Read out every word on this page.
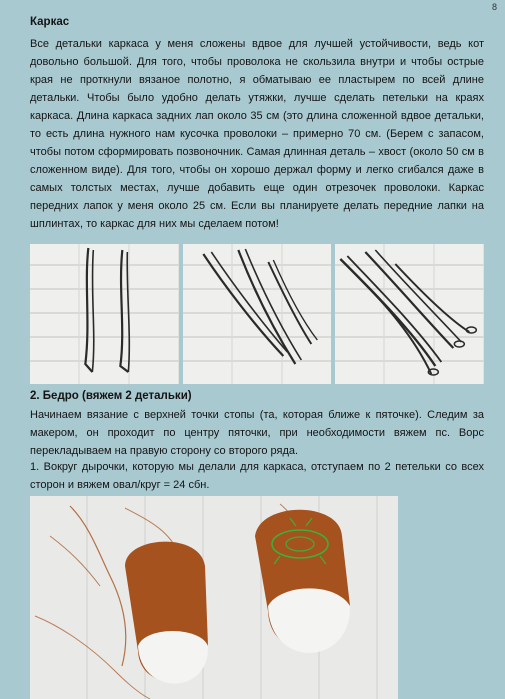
8
Каркас

Все детальки каркаса у меня сложены вдвое для лучшей устойчивости, ведь кот довольно большой. Для того, чтобы проволока не скользила внутри и чтобы острые края не проткнули вязаное полотно, я обматываю ее пластырем по всей длине детальки. Чтобы было удобно делать утяжки, лучше сделать петельки на краях каркаса. Длина каркаса задних лап около 35 см (это длина сложенной вдвое детальки, то есть длина нужного нам кусочка проволоки – примерно 70 см. (Берем с запасом, чтобы потом сформировать позвоночник. Самая длинная деталь – хвост (около 50 см в сложенном виде). Для того, чтобы он хорошо держал форму и легко сгибался даже в самых толстых местах, лучше добавить еще один отрезочек проволоки. Каркас передних лапок у меня около 25 см. Если вы планируете делать передние лапки на шплинтах, то каркас для них мы сделаем потом!

2. Бедро (вяжем 2 детальки)

Начинаем вязание с верхней точки стопы (та, которая ближе к пяточке). Следим за макером, он проходит по центру пяточки, при необходимости вяжем пс. Ворс перекладываем на правую сторону со второго ряда.

1. Вокруг дырочки, которую мы делали для каркаса, отступаем по 2 петельки со всех сторон и вяжем овал/круг = 24 сбн.
